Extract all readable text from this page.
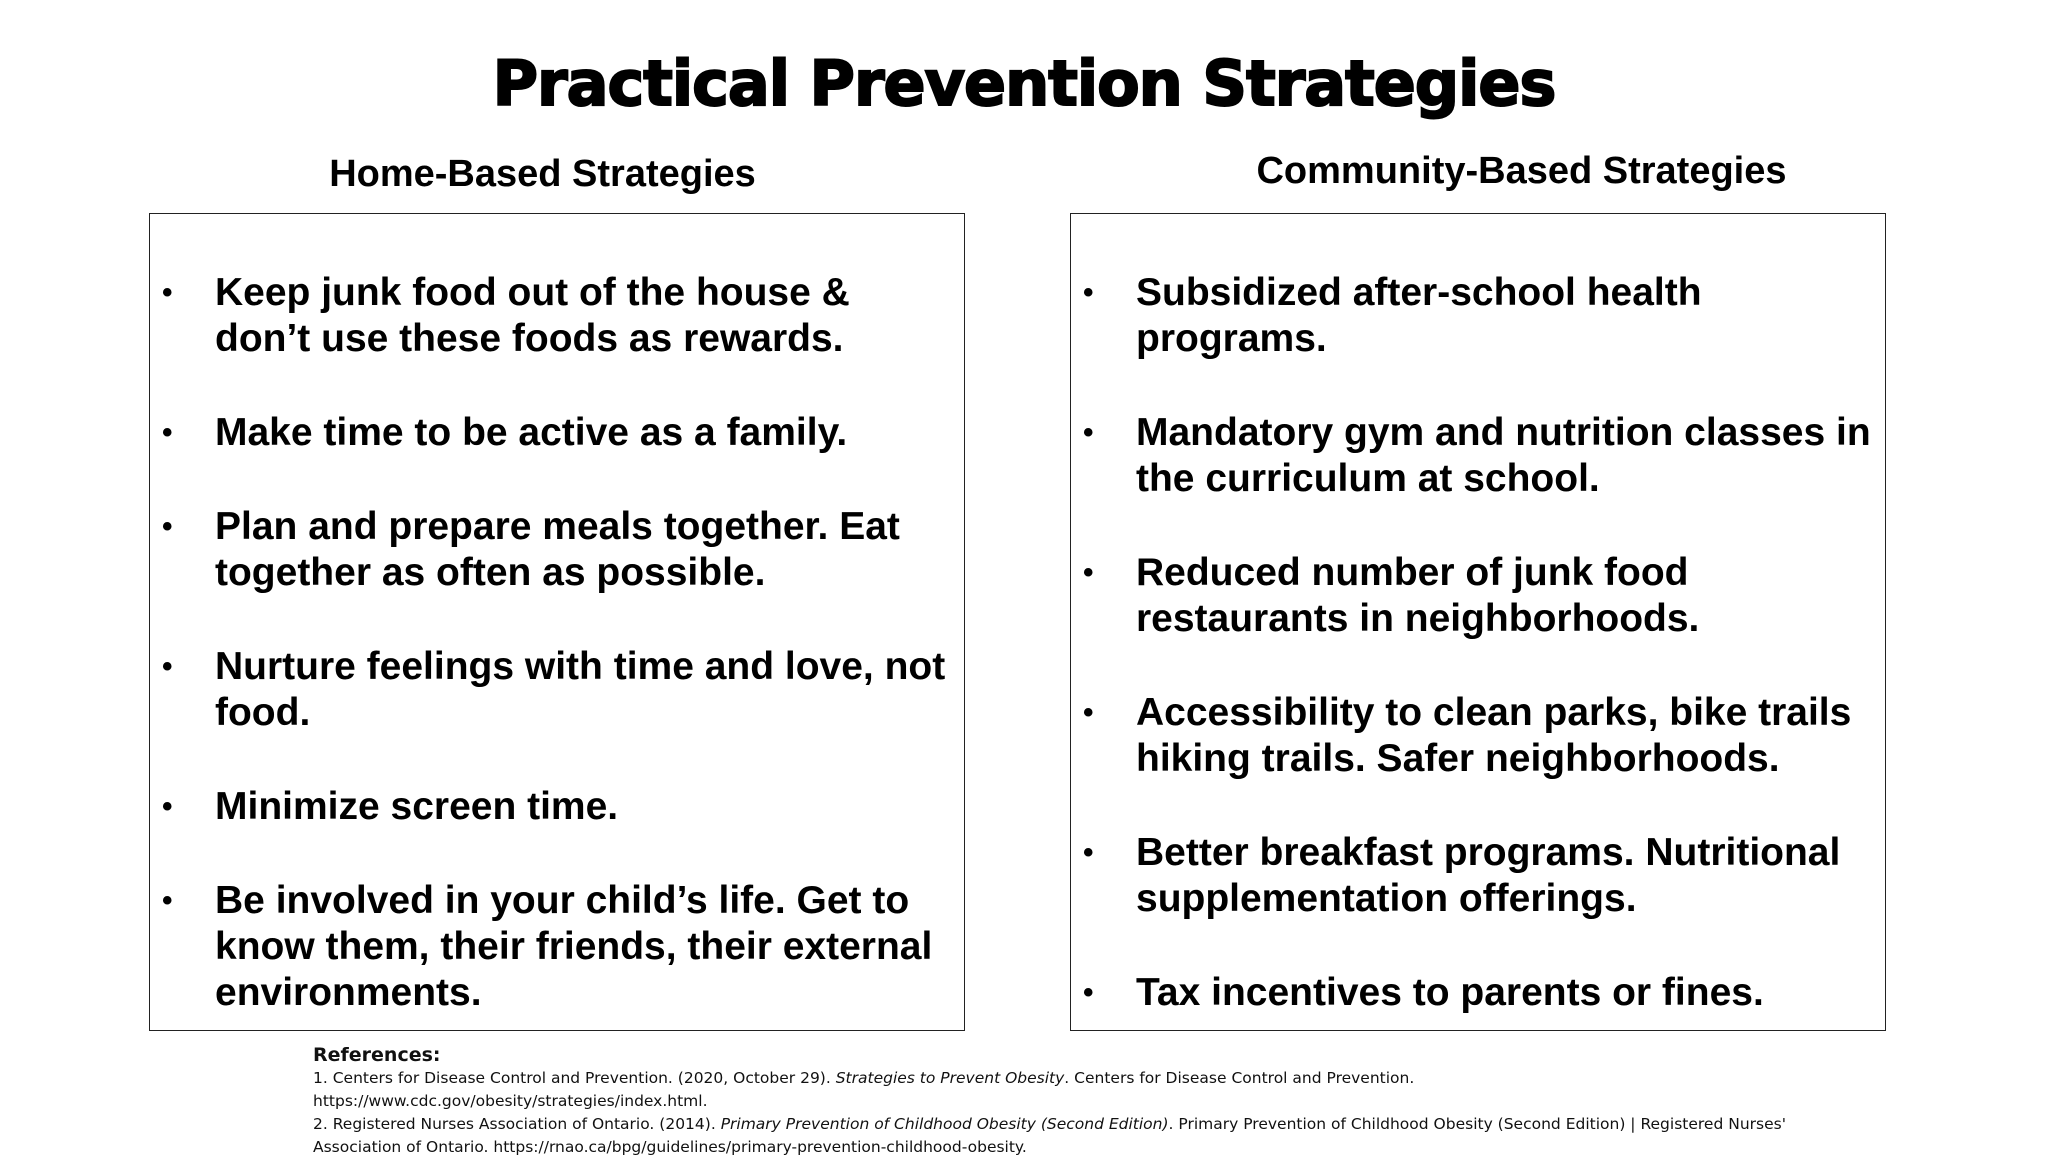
Practical Prevention Strategies
Home-Based Strategies	Community-Based Strategies
• Keep junk food out of the house &
don’t use these foods as rewards.
• Make time to be active as a family.
• Plan and prepare meals together. Eat
together as often as possible.
• Nurture feelings with time and love, not
food.
• Minimize screen time.
• Be involved in your child’s life. Get to
know them, their friends, their external
environments.
• Subsidized after-school health
programs.
• Mandatory gym and nutrition classes in
the curriculum at school.
• Reduced number of junk food
restaurants in neighborhoods.
• Accessibility to clean parks, bike trails
hiking trails. Safer neighborhoods.
• Better breakfast programs. Nutritional
supplementation offerings.
• Tax incentives to parents or fines.
References:
1. Centers for Disease Control and Prevention. (2020, October 29). Strategies to Prevent Obesity. Centers for Disease Control and Prevention.
https://www.cdc.gov/obesity/strategies/index.html.
2. Registered Nurses Association of Ontario. (2014). Primary Prevention of Childhood Obesity (Second Edition). Primary Prevention of Childhood Obesity (Second Edition) | Registered Nurses'
Association of Ontario. https://rnao.ca/bpg/guidelines/primary-prevention-childhood-obesity.
